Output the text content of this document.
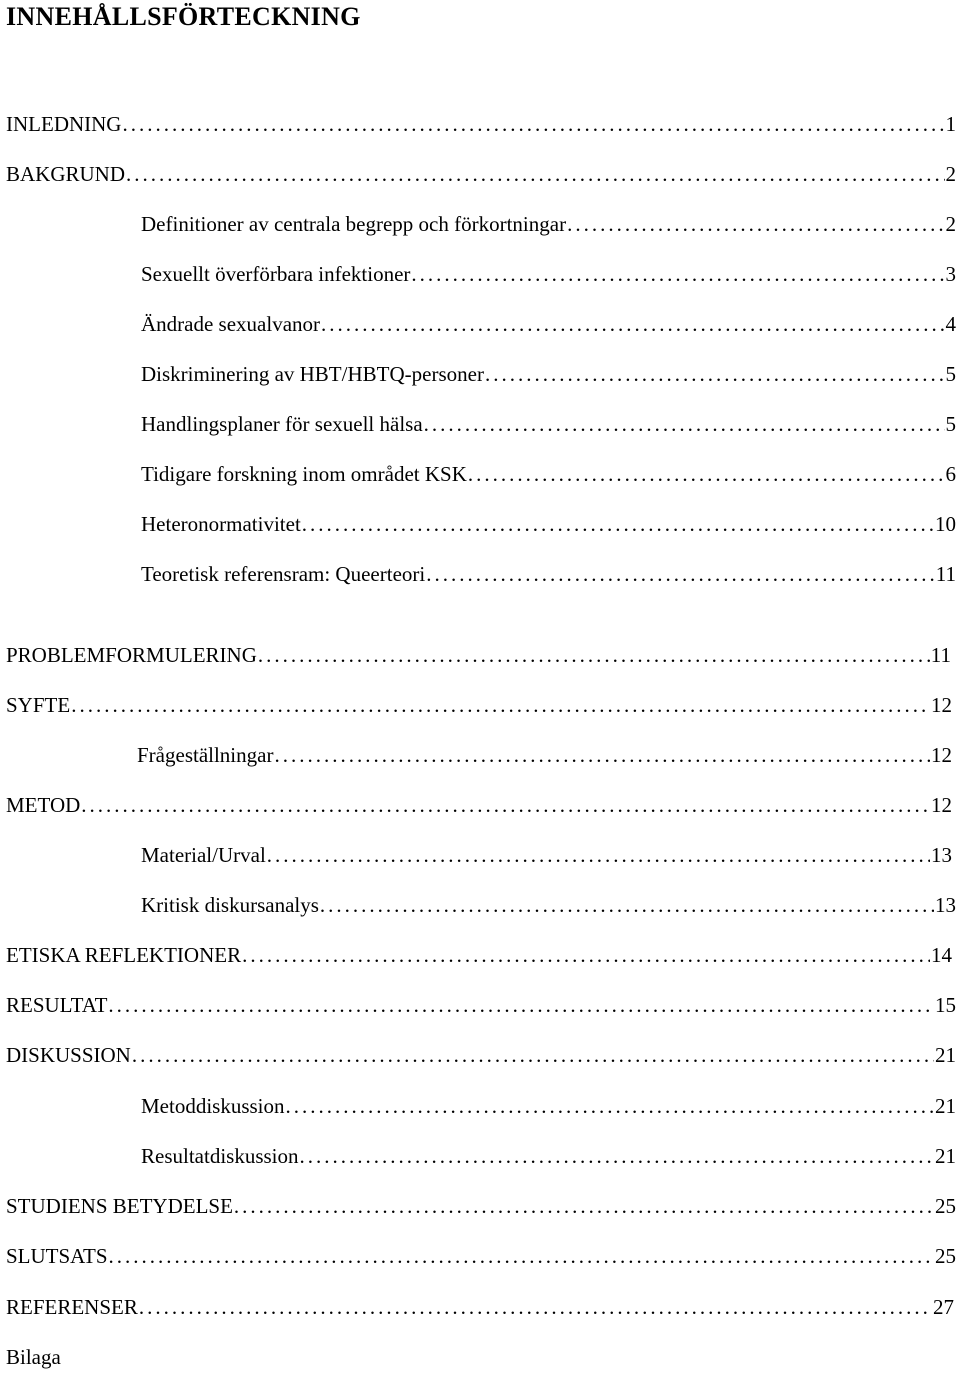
INNEHÅLLSFÖRTECKNING
INLEDNING .....	1
BAKGRUND .....	2
Definitioner av centrala begrepp och förkortningar .....	2
Sexuellt överförbara infektioner .....	3
Ändrade sexualvanor .....	4
Diskriminering av HBT/HBTQ-personer .....	5
Handlingsplaner för sexuell hälsa .....	5
Tidigare forskning inom området KSK .....	6
Heteronormativitet .....	10
Teoretisk referensram: Queerteori .....	11
PROBLEMFORMULERING .....	11
SYFTE .....	12
Frågeställningar .....	12
METOD .....	12
Material/Urval .....	13
Kritisk diskursanalys .....	13
ETISKA REFLEKTIONER .....	14
RESULTAT .....	15
DISKUSSION .....	21
Metoddiskussion .....	21
Resultatdiskussion .....	21
STUDIENS BETYDELSE .....	25
SLUTSATS .....	25
REFERENSER .....	27
Bilaga
